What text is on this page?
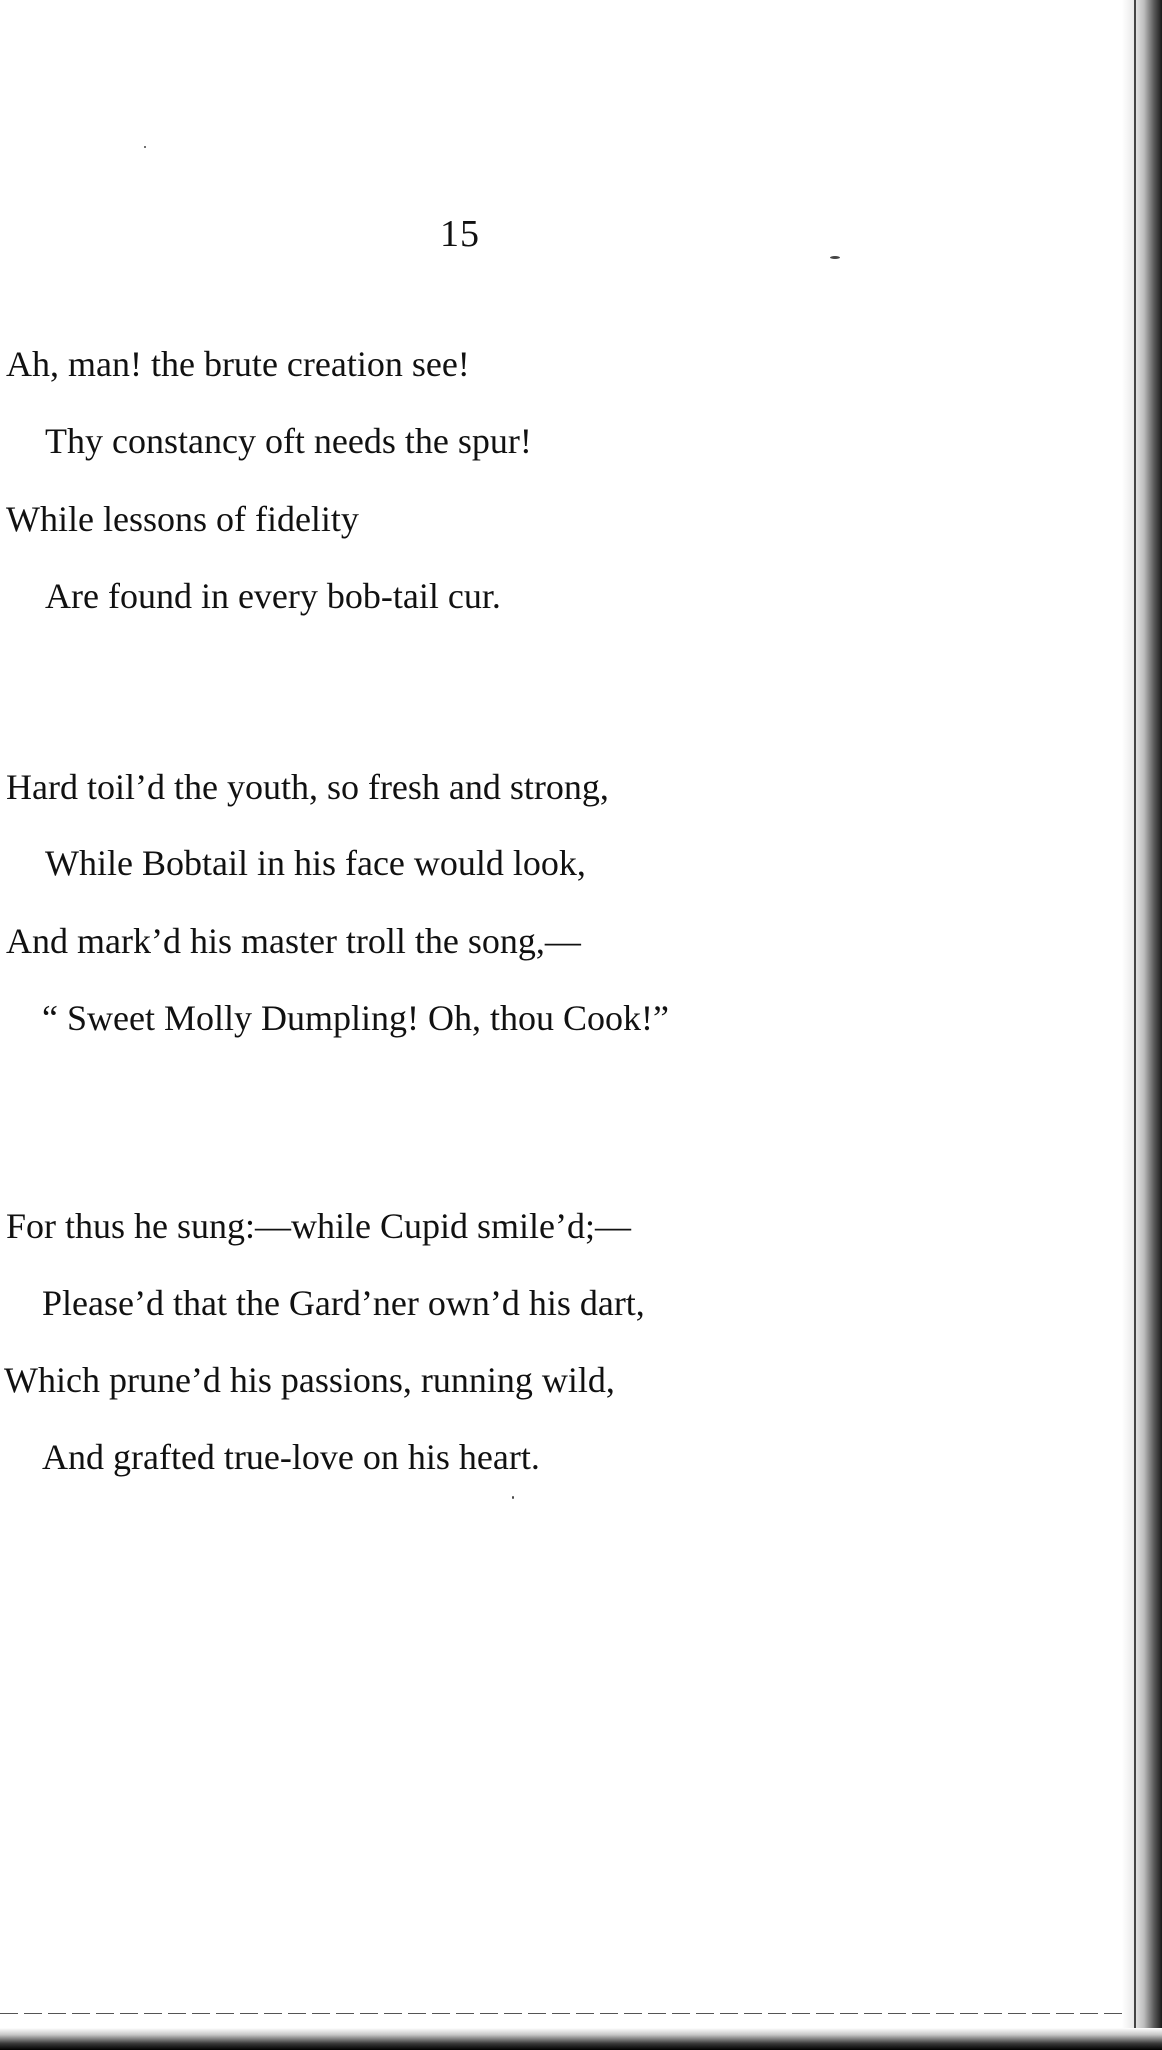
15
Ah, man! the brute creation see!
Thy constancy oft needs the spur!
While lessons of fidelity
Are found in every bob-tail cur.
Hard toil’d the youth, so fresh and strong,
While Bobtail in his face would look,
And mark’d his master troll the song,—
“ Sweet Molly Dumpling! Oh, thou Cook!”
For thus he sung:—while Cupid smile’d;—
Please’d that the Gard’ner own’d his dart,
Which prune’d his passions, running wild,
And grafted true-love on his heart.
